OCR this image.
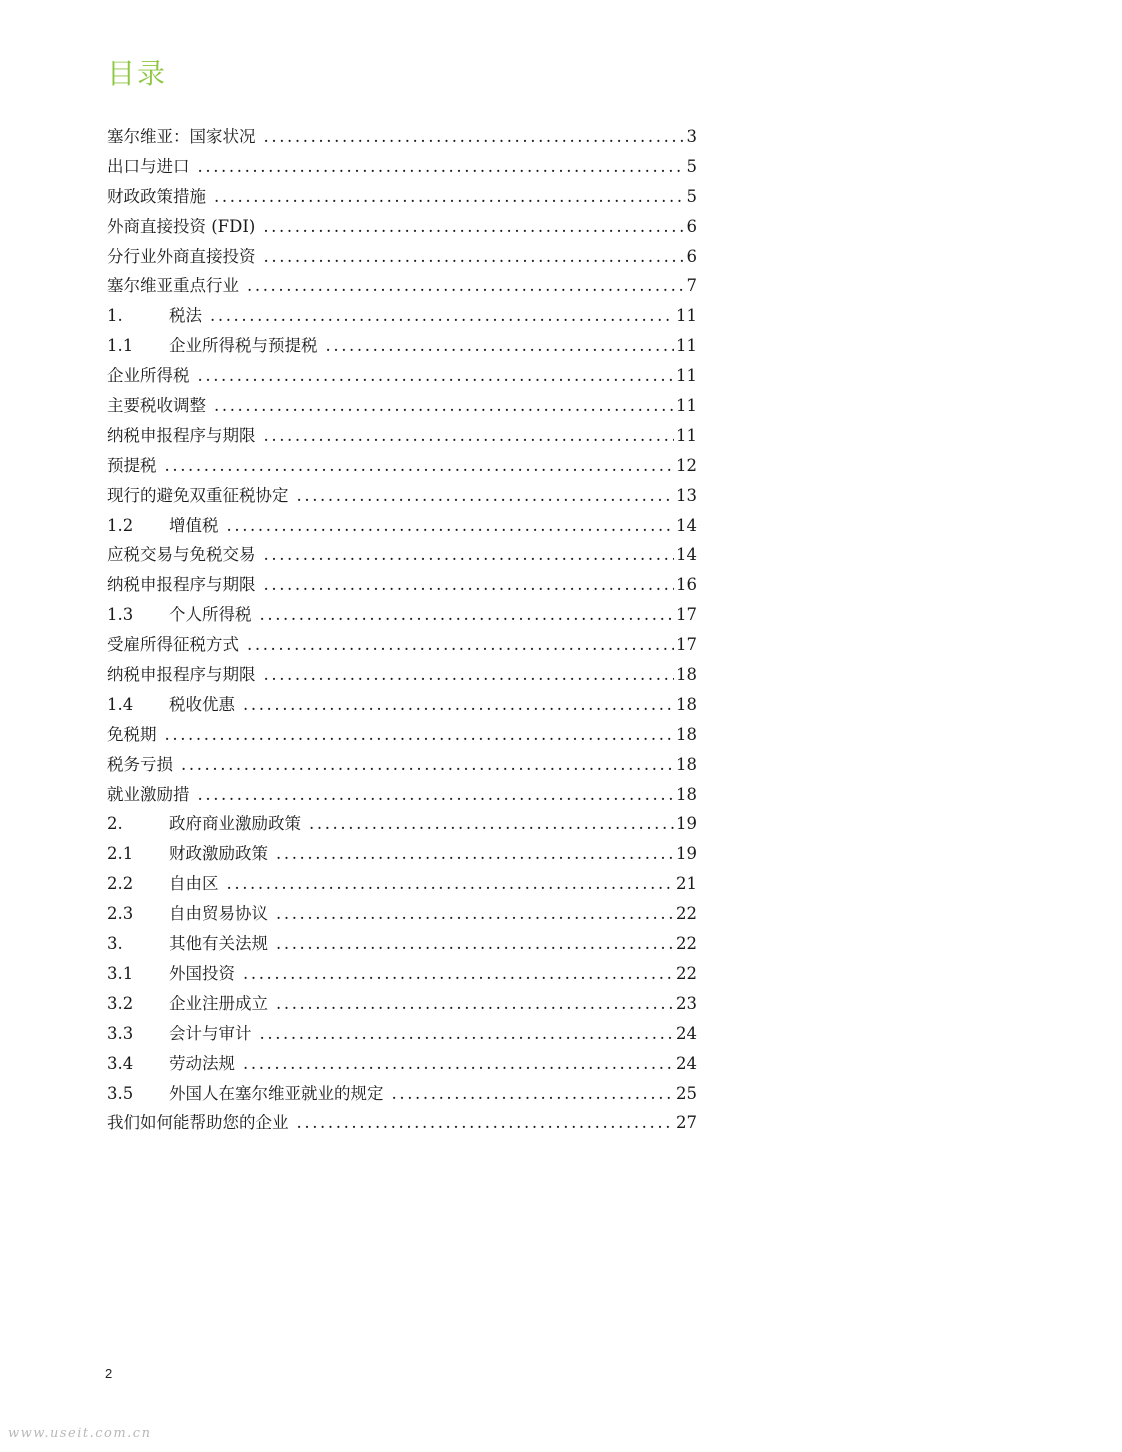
目录
塞尔维亚：国家状况 .....	3
出口与进口 .....	5
财政政策措施 .....	5
外商直接投资 (FDI) .....	6
分行业外商直接投资 .....	6
塞尔维亚重点行业 .....	7
1.	税法 .....	11
1.1	企业所得税与预提税 .....	11
企业所得税 .....	11
主要税收调整 .....	11
纳税申报程序与期限 .....	11
预提税 .....	12
现行的避免双重征税协定 .....	13
1.2	增值税 .....	14
应税交易与免税交易 .....	14
纳税申报程序与期限 .....	16
1.3	个人所得税 .....	17
受雇所得征税方式 .....	17
纳税申报程序与期限 .....	18
1.4	税收优惠 .....	18
免税期 .....	18
税务亏损 .....	18
就业激励措 .....	18
2.	政府商业激励政策 .....	19
2.1	财政激励政策 .....	19
2.2	自由区 .....	21
2.3	自由贸易协议 .....	22
3.	其他有关法规 .....	22
3.1	外国投资 .....	22
3.2	企业注册成立 .....	23
3.3	会计与审计 .....	24
3.4	劳动法规 .....	24
3.5	外国人在塞尔维亚就业的规定 .....	25
我们如何能帮助您的企业 .....	27
2
www.useit.com.cn
